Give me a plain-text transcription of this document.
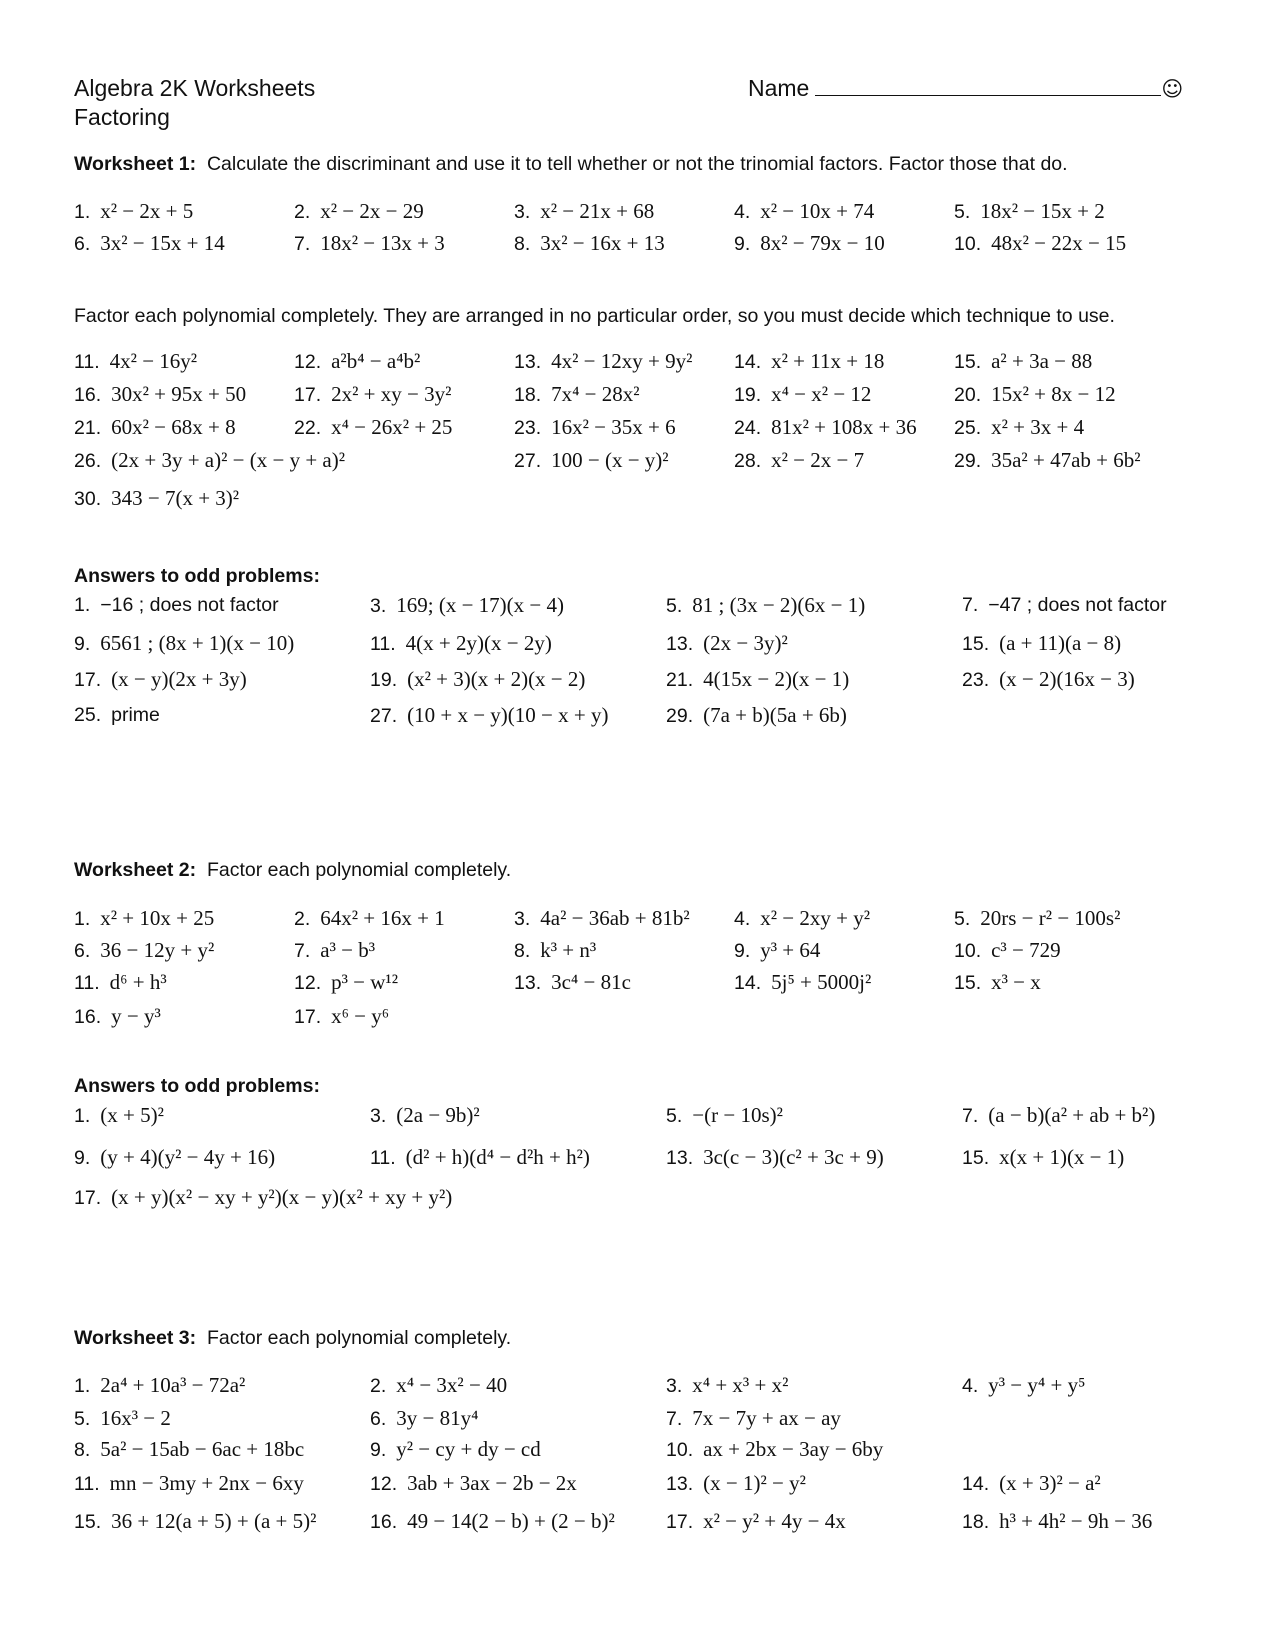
Algebra 2K Worksheets
Factoring
Name	☺
Worksheet 1: Calculate the discriminant and use it to tell whether or not the trinomial factors. Factor those that do.
1. x² − 2x + 5	2. x² − 2x − 29	3. x² − 21x + 68	4. x² − 10x + 74	5. 18x² − 15x + 2
6. 3x² − 15x + 14	7. 18x² − 13x + 3	8. 3x² − 16x + 13	9. 8x² − 79x − 10	10. 48x² − 22x − 15
Factor each polynomial completely. They are arranged in no particular order, so you must decide which technique to use.
11. 4x² − 16y²	12. a²b⁴ − a⁴b²	13. 4x² − 12xy + 9y² 14. x² + 11x + 18	15. a² + 3a − 88
16. 30x² + 95x + 50 17. 2x² + xy − 3y²	18. 7x⁴ − 28x²	19. x⁴ − x² − 12	20. 15x² + 8x − 12
21. 60x² − 68x + 8	22. x⁴ − 26x² + 25	23. 16x² − 35x + 6	24. 81x² + 108x + 36 25. x² + 3x + 4
26. (2x + 3y + a)² − (x − y + a)²	27. 100 − (x − y)²	28. x² − 2x − 7	29. 35a² + 47ab + 6b²
30. 343 − 7(x + 3)²
Answers to odd problems:
1. −16 ; does not factor	3. 169; (x − 17)(x − 4)	5. 81 ; (3x − 2)(6x − 1)	7. −47 ; does not factor
9. 6561 ; (8x + 1)(x − 10)	11. 4(x + 2y)(x − 2y)	13. (2x − 3y)²	15. (a + 11)(a − 8)
17. (x − y)(2x + 3y)	19. (x² + 3)(x + 2)(x − 2)	21. 4(15x − 2)(x − 1)	23. (x − 2)(16x − 3)
25. prime	27. (10 + x − y)(10 − x + y)	29. (7a + b)(5a + 6b)
Worksheet 2: Factor each polynomial completely.
1. x² + 10x + 25	2. 64x² + 16x + 1	3. 4a² − 36ab + 81b² 4. x² − 2xy + y²	5. 20rs − r² − 100s²
6. 36 − 12y + y²	7. a³ − b³	8. k³ + n³	9. y³ + 64	10. c³ − 729
11. d⁶ + h³	12. p³ − w¹²	13. 3c⁴ − 81c	14. 5j⁵ + 5000j²	15. x³ − x
16. y − y³	17. x⁶ − y⁶
Answers to odd problems:
1. (x + 5)²	3. (2a − 9b)²	5. −(r − 10s)²	7. (a − b)(a² + ab + b²)
9. (y + 4)(y² − 4y + 16)	11. (d² + h)(d⁴ − d²h + h²)	13. 3c(c − 3)(c² + 3c + 9)	15. x(x + 1)(x − 1)
17. (x + y)(x² − xy + y²)(x − y)(x² + xy + y²)
Worksheet 3: Factor each polynomial completely.
1. 2a⁴ + 10a³ − 72a²	2. x⁴ − 3x² − 40	3. x⁴ + x³ + x²	4. y³ − y⁴ + y⁵
5. 16x³ − 2	6. 3y − 81y⁴	7. 7x − 7y + ax − ay
8. 5a² − 15ab − 6ac + 18bc	9. y² − cy + dy − cd	10. ax + 2bx − 3ay − 6by
11. mn − 3my + 2nx − 6xy	12. 3ab + 3ax − 2b − 2x	13. (x − 1)² − y²	14. (x + 3)² − a²
15. 36 + 12(a + 5) + (a + 5)²	16. 49 − 14(2 − b) + (2 − b)²	17. x² − y² + 4y − 4x	18. h³ + 4h² − 9h − 36
